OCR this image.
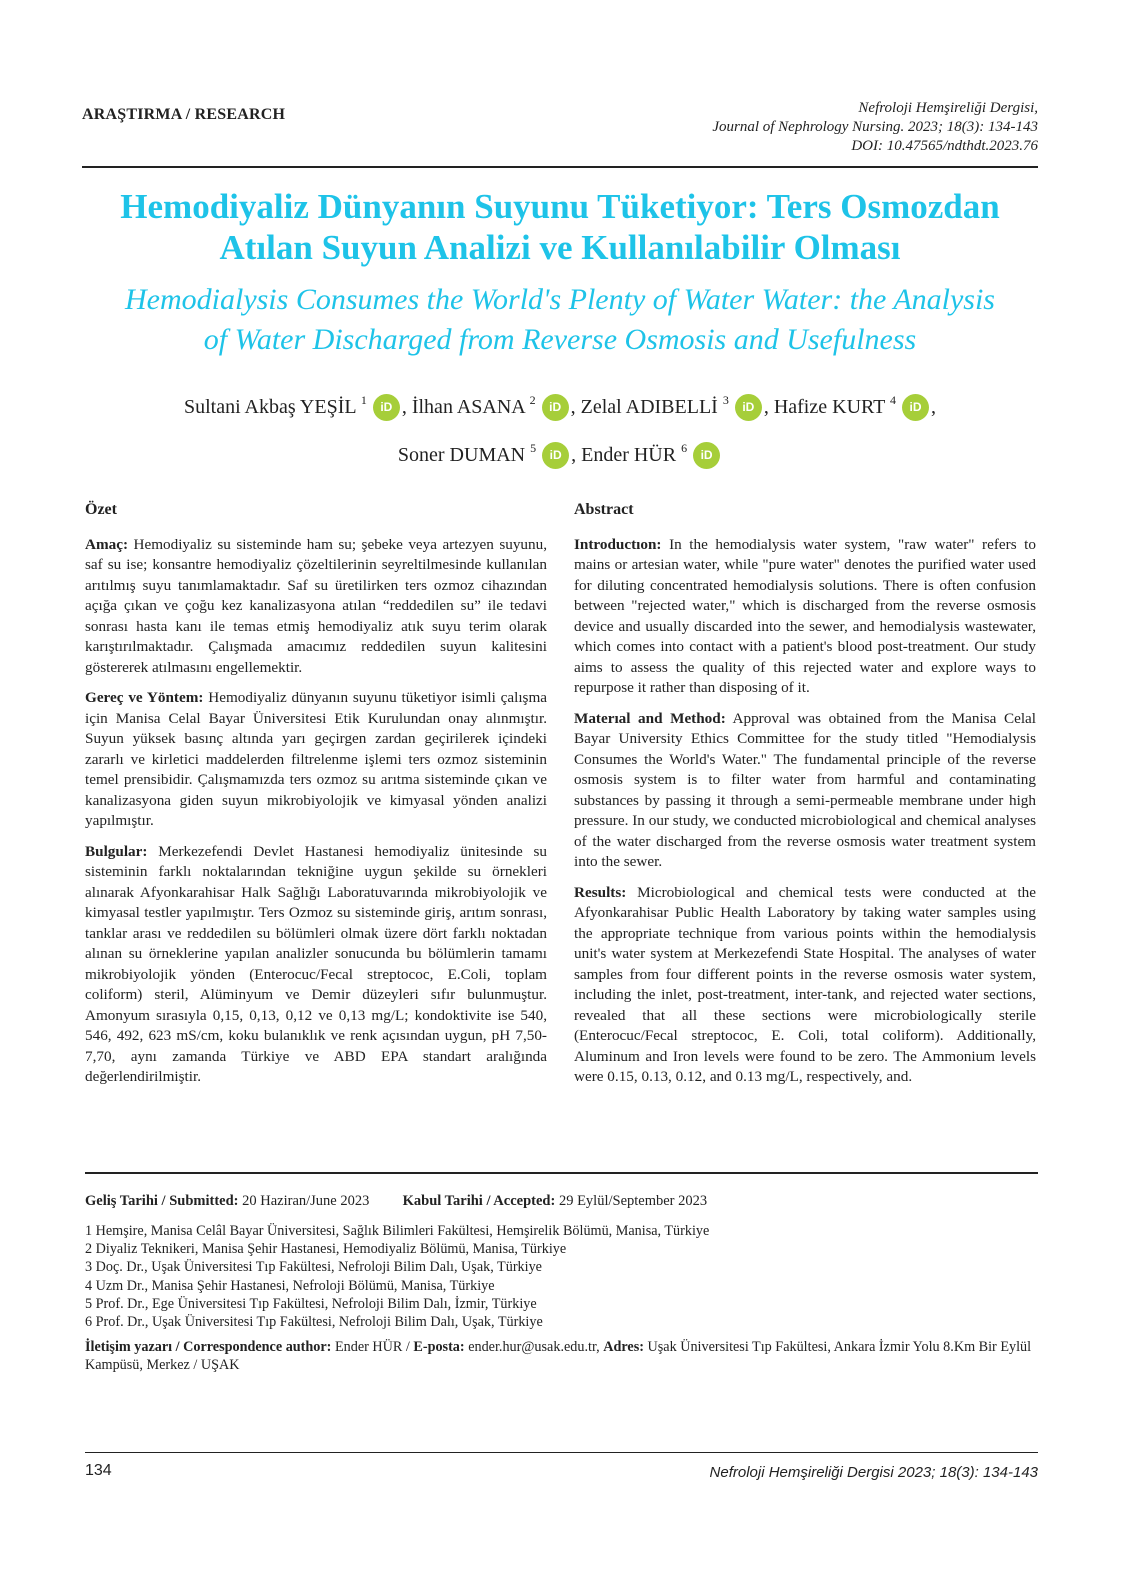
ARAŞTIRMA / RESEARCH	Nefroloji Hemşireliği Dergisi,
Journal of Nephrology Nursing. 2023; 18(3): 134-143
DOI: 10.47565/ndthdt.2023.76
Hemodiyaliz Dünyanın Suyunu Tüketiyor: Ters Osmozdan
Atılan Suyun Analizi ve Kullanılabilir Olması
Hemodialysis Consumes the World's Plenty of Water Water: the Analysis
of Water Discharged from Reverse Osmosis and Usefulness
Sultani Akbaş YEŞİL $^1$ iD , İlhan ASANA $^2$ iD , Zelal ADIBELLİ $^3$ iD , Hafize KURT $^4$ iD ,
Soner DUMAN $^5$ iD , Ender HÜR $^6$ iD
Özet

Amaç: Hemodiyaliz su sisteminde ham su; şebeke veya artezyen suyunu, saf su ise; konsantre hemodiyaliz çözeltilerinin seyreltilmesinde kullanılan arıtılmış suyu tanımlamaktadır. Saf su üretilirken ters ozmoz cihazından açığa çıkan ve çoğu kez kanalizasyona atılan “reddedilen su” ile tedavi sonrası hasta kanı ile temas etmiş hemodiyaliz atık suyu terim olarak karıştırılmaktadır. Çalışmada amacımız reddedilen suyun kalitesini göstererek atılmasını engellemektir.

Gereç ve Yöntem: Hemodiyaliz dünyanın suyunu tüketiyor isimli çalışma için Manisa Celal Bayar Üniversitesi Etik Kurulundan onay alınmıştır. Suyun yüksek basınç altında yarı geçirgen zardan geçirilerek içindeki zararlı ve kirletici maddelerden filtrelenme işlemi ters ozmoz sisteminin temel prensibidir. Çalışmamızda ters ozmoz su arıtma sisteminde çıkan ve kanalizasyona giden suyun mikrobiyolojik ve kimyasal yönden analizi yapılmıştır.

Bulgular: Merkezefendi Devlet Hastanesi hemodiyaliz ünitesinde su sisteminin farklı noktalarından tekniğine uygun şekilde su örnekleri alınarak Afyonkarahisar Halk Sağlığı Laboratuvarında mikrobiyolojik ve kimyasal testler yapılmıştır. Ters Ozmoz su sisteminde giriş, arıtım sonrası, tanklar arası ve reddedilen su bölümleri olmak üzere dört farklı noktadan alınan su örneklerine yapılan analizler sonucunda bu bölümlerin tamamı mikrobiyolojik yönden (Enterocuc/Fecal streptococ, E.Coli, toplam coliform) steril, Alüminyum ve Demir düzeyleri sıfır bulunmuştur. Amonyum sırasıyla 0,15, 0,13, 0,12 ve 0,13 mg/L; kondoktivite ise 540, 546, 492, 623 mS/cm, koku bulanıklık ve renk açısından uygun, pH 7,50-7,70, aynı zamanda Türkiye ve ABD EPA standart aralığında değerlendirilmiştir.

Abstract

Introductıon: In the hemodialysis water system, "raw water" refers to mains or artesian water, while "pure water" denotes the purified water used for diluting concentrated hemodialysis solutions. There is often confusion between "rejected water," which is discharged from the reverse osmosis device and usually discarded into the sewer, and hemodialysis wastewater, which comes into contact with a patient's blood post-treatment. Our study aims to assess the quality of this rejected water and explore ways to repurpose it rather than disposing of it.

Materıal and Method: Approval was obtained from the Manisa Celal Bayar University Ethics Committee for the study titled "Hemodialysis Consumes the World's Water." The fundamental principle of the reverse osmosis system is to filter water from harmful and contaminating substances by passing it through a semi-permeable membrane under high pressure. In our study, we conducted microbiological and chemical analyses of the water discharged from the reverse osmosis water treatment system into the sewer.

Results: Microbiological and chemical tests were conducted at the Afyonkarahisar Public Health Laboratory by taking water samples using the appropriate technique from various points within the hemodialysis unit's water system at Merkezefendi State Hospital. The analyses of water samples from four different points in the reverse osmosis water system, including the inlet, post-treatment, inter-tank, and rejected water sections, revealed that all these sections were microbiologically sterile (Enterocuc/Fecal streptococ, E. Coli, total coliform). Additionally, Aluminum and Iron levels were found to be zero. The Ammonium levels were 0.15, 0.13, 0.12, and 0.13 mg/L, respectively, and.

Geliş Tarihi / Submitted: 20 Haziran/June 2023 Kabul Tarihi / Accepted: 29 Eylül/September 2023
1 Hemşire, Manisa Celâl Bayar Üniversitesi, Sağlık Bilimleri Fakültesi, Hemşirelik Bölümü, Manisa, Türkiye
2 Diyaliz Teknikeri, Manisa Şehir Hastanesi, Hemodiyaliz Bölümü, Manisa, Türkiye
3 Doç. Dr., Uşak Üniversitesi Tıp Fakültesi, Nefroloji Bilim Dalı, Uşak, Türkiye
4 Uzm Dr., Manisa Şehir Hastanesi, Nefroloji Bölümü, Manisa, Türkiye
5 Prof. Dr., Ege Üniversitesi Tıp Fakültesi, Nefroloji Bilim Dalı, İzmir, Türkiye
6 Prof. Dr., Uşak Üniversitesi Tıp Fakültesi, Nefroloji Bilim Dalı, Uşak, Türkiye
İletişim yazarı / Correspondence author: Ender HÜR / E-posta: ender.hur@usak.edu.tr, Adres: Uşak Üniversitesi Tıp Fakültesi, Ankara İzmir Yolu 8.Km Bir Eylül Kampüsü, Merkez / UŞAK
134	Nefroloji Hemşireliği Dergisi 2023; 18(3): 134-143
